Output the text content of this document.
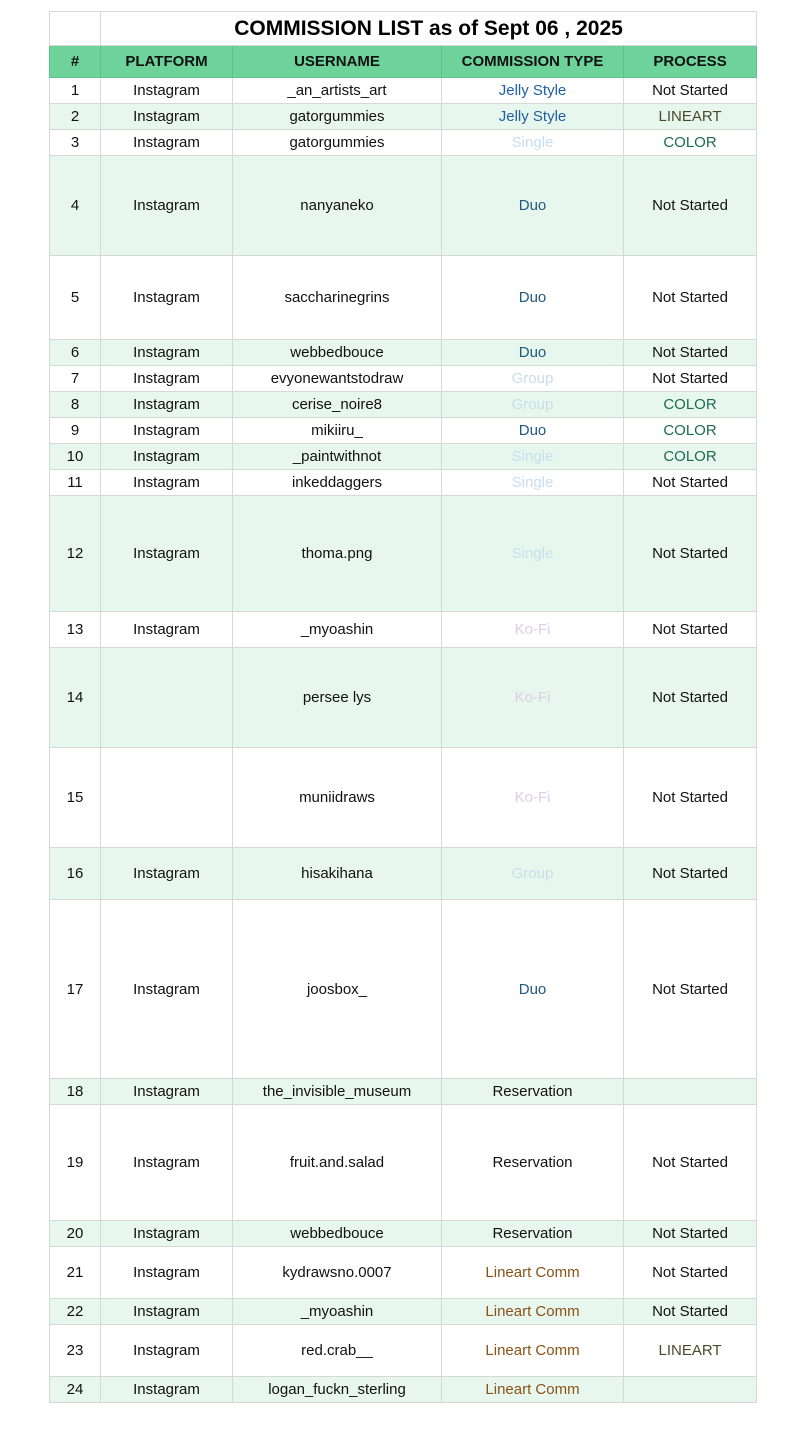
	COMMISSION LIST as of Sept 06 , 2025			
#	PLATFORM	USERNAME	COMMISSION TYPE	PROCESS
1	Instagram	_an_artists_art	Jelly Style	Not Started
2	Instagram	gatorgummies	Jelly Style	LINEART
3	Instagram	gatorgummies	Single	COLOR
4	Instagram	nanyaneko	Duo	Not Started
5	Instagram	saccharinegrins	Duo	Not Started
6	Instagram	webbedbouce	Duo	Not Started
7	Instagram	evyonewantstodraw	Group	Not Started
8	Instagram	cerise_noire8	Group	COLOR
9	Instagram	mikiiru_	Duo	COLOR
10	Instagram	_paintwithnot	Single	COLOR
11	Instagram	inkeddaggers	Single	Not Started
12	Instagram	thoma.png	Single	Not Started
13	Instagram	_myoashin	Ko-Fi	Not Started
14		persee lys	Ko-Fi	Not Started
15		muniidraws	Ko-Fi	Not Started
16	Instagram	hisakihana	Group	Not Started
17	Instagram	joosbox_	Duo	Not Started
18	Instagram	the_invisible_museum	Reservation	
19	Instagram	fruit.and.salad	Reservation	Not Started
20	Instagram	webbedbouce	Reservation	Not Started
21	Instagram	kydrawsno.0007	Lineart Comm	Not Started
22	Instagram	_myoashin	Lineart Comm	Not Started
23	Instagram	red.crab__	Lineart Comm	LINEART
24	Instagram	logan_fuckn_sterling	Lineart Comm	
